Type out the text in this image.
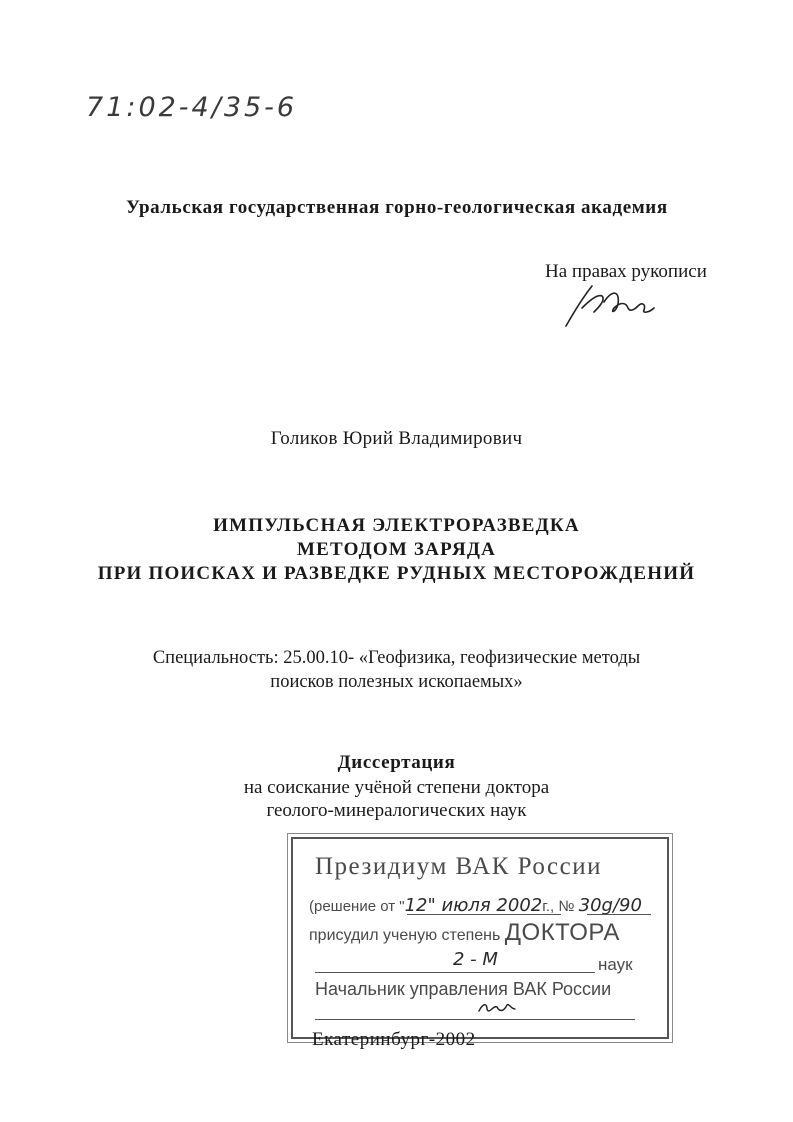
71:02-4/35-6
Уральская государственная горно-геологическая академия
На правах рукописи
Голиков Юрий Владимирович
ИМПУЛЬСНАЯ ЭЛЕКТРОРАЗВЕДКА
МЕТОДОМ ЗАРЯДА
ПРИ ПОИСКАХ И РАЗВЕДКЕ РУДНЫХ МЕСТОРОЖДЕНИЙ
Специальность: 25.00.10- «Геофизика, геофизические методы
поисков полезных ископаемых»
Диссертация
на соискание учёной степени доктора
геолого-минералогических наук
Президиум ВАК России
(решение от "12" июля 2002г., № 30g/90
присудил ученую степень ДОКТОРА
2 - М	наук
Начальник управления ВАК России
Екатеринбург-2002
